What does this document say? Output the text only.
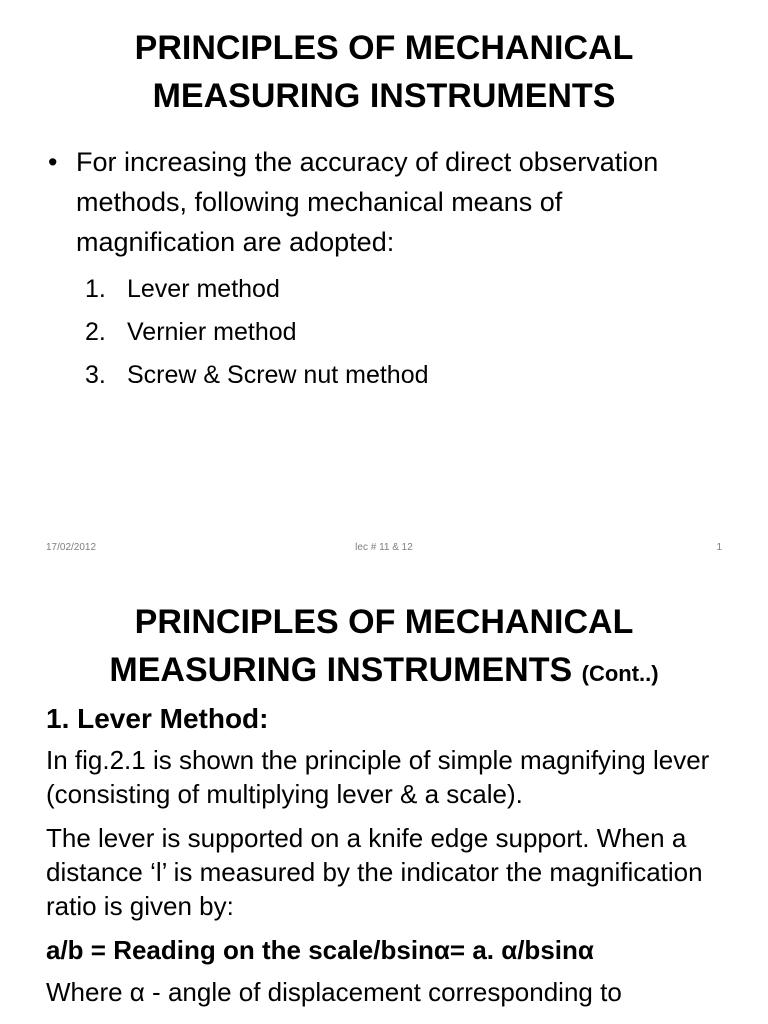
PRINCIPLES OF MECHANICAL
MEASURING INSTRUMENTS
• For increasing the accuracy of direct observation methods, following mechanical means of magnification are adopted:
1. Lever method
2. Vernier method
3. Screw & Screw nut method
17/02/2012	lec # 11 & 12	1
PRINCIPLES OF MECHANICAL
MEASURING INSTRUMENTS (Cont..)

1. Lever Method:

In fig.2.1 is shown the principle of simple magnifying lever (consisting of multiplying lever & a scale).

The lever is supported on a knife edge support. When a distance ‘l’ is measured by the indicator the magnification ratio is given by:

a/b = Reading on the scale/bsinα= a. α/bsinα

Where α - angle of displacement corresponding to
